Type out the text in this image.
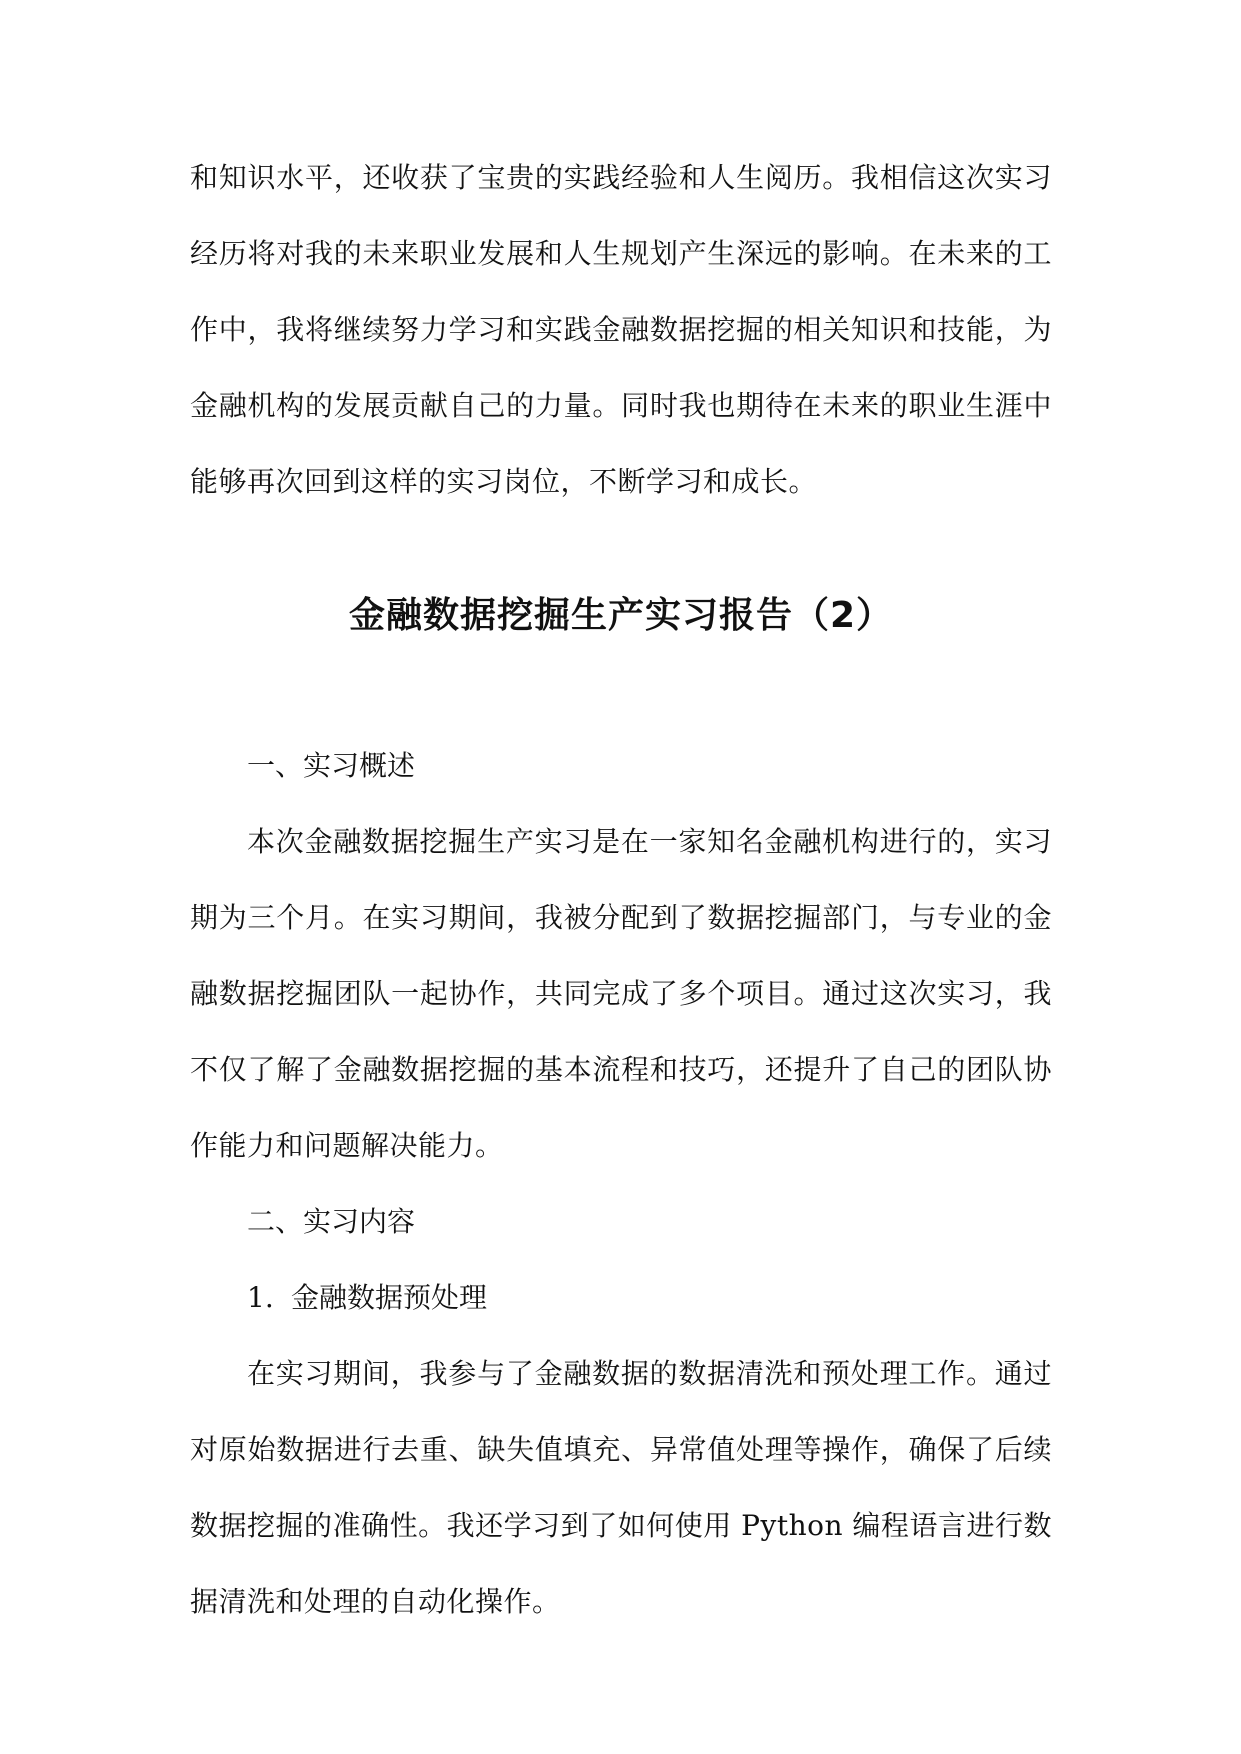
和知识水平，还收获了宝贵的实践经验和人生阅历。我相信这次实习经历将对我的未来职业发展和人生规划产生深远的影响。在未来的工作中，我将继续努力学习和实践金融数据挖掘的相关知识和技能，为金融机构的发展贡献自己的力量。同时我也期待在未来的职业生涯中能够再次回到这样的实习岗位，不断学习和成长。

金融数据挖掘生产实习报告（2）

一、实习概述

本次金融数据挖掘生产实习是在一家知名金融机构进行的，实习期为三个月。在实习期间，我被分配到了数据挖掘部门，与专业的金融数据挖掘团队一起协作，共同完成了多个项目。通过这次实习，我不仅了解了金融数据挖掘的基本流程和技巧，还提升了自己的团队协作能力和问题解决能力。

二、实习内容

1. 金融数据预处理

在实习期间，我参与了金融数据的数据清洗和预处理工作。通过对原始数据进行去重、缺失值填充、异常值处理等操作，确保了后续数据挖掘的准确性。我还学习到了如何使用 Python 编程语言进行数据清洗和处理的自动化操作。
